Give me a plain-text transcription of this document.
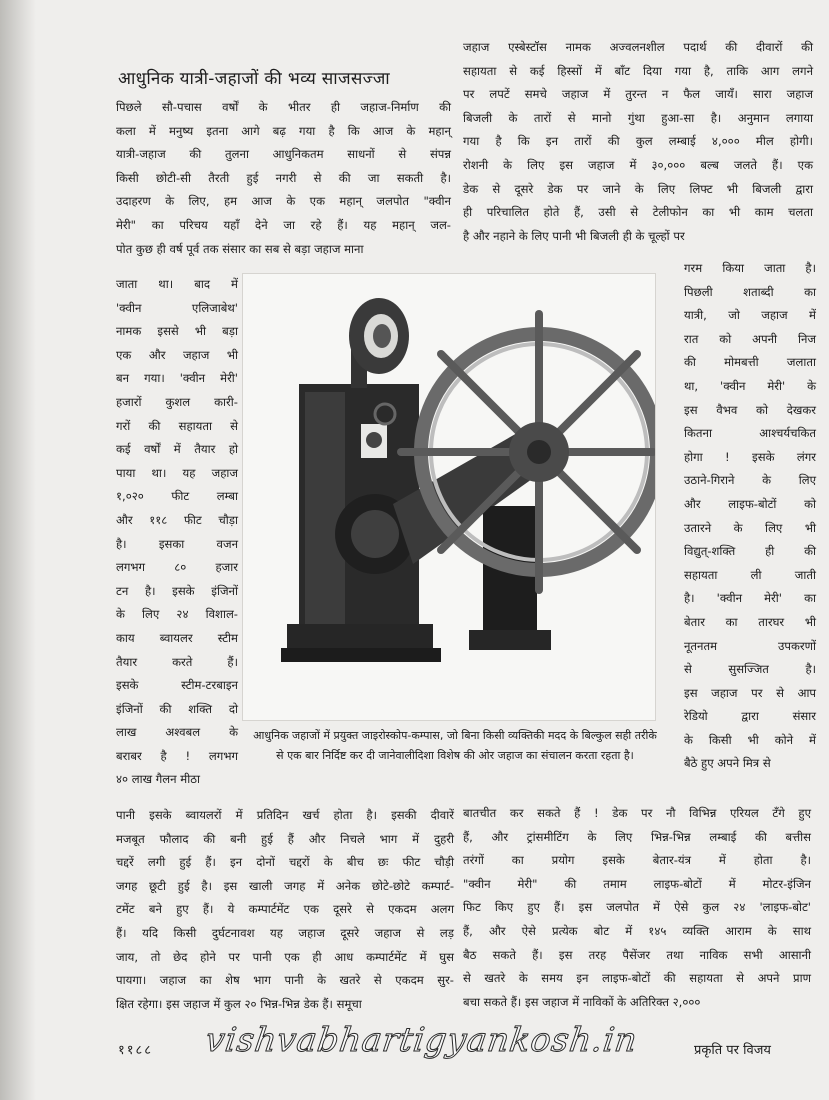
आधुनिक यात्री-जहाजों की भव्य साजसज्जा
पिछले सौ-पचास वर्षों के भीतर ही जहाज-निर्माण की
कला में मनुष्य इतना आगे बढ़ गया है कि आज के महान्
यात्री-जहाज की तुलना आधुनिकतम साधनों से संपन्न
किसी छोटी-सी तैरती हुई नगरी से की जा सकती है।
उदाहरण के लिए, हम आज के एक महान् जलपोत "क्वीन
मेरी" का परिचय यहाँ देने जा रहे हैं। यह महान् जल-
पोत कुछ ही वर्ष पूर्व तक संसार का सब से बड़ा जहाज माना
जाता था। बाद में
'क्वीन एलिजाबेथ'
नामक इससे भी बड़ा
एक और जहाज भी
बन गया। 'क्वीन मेरी'
हजारों कुशल कारी-
गरों की सहायता से
कई वर्षों में तैयार हो
पाया था। यह जहाज
१,०२० फीट लम्बा
और ११८ फीट चौड़ा
है। इसका वजन
लगभग ८० हजार
टन है। इसके इंजिनों
के लिए २४ विशाल-
काय ब्वायलर स्टीम
तैयार करते हैं।
इसके स्टीम-टरबाइन
इंजिनों की शक्ति दो
लाख अश्वबल के
बराबर है ! लगभग
४० लाख गैलन मीठा
पानी इसके ब्वायलरों में प्रतिदिन खर्च होता है। इसकी दीवारें
मजबूत फौलाद की बनी हुई हैं और निचले भाग में दुहरी
चद्दरें लगी हुई हैं। इन दोनों चद्दरों के बीच छः फीट चौड़ी
जगह छूटी हुई है। इस खाली जगह में अनेक छोटे-छोटे कम्पार्ट-
टमेंट बने हुए हैं। ये कम्पार्टमेंट एक दूसरे से एकदम अलग
हैं। यदि किसी दुर्घटनावश यह जहाज दूसरे जहाज से लड़
जाय, तो छेद होने पर पानी एक ही आध कम्पार्टमेंट में घुस
पायगा। जहाज का शेष भाग पानी के खतरे से एकदम सुर-
क्षित रहेगा। इस जहाज में कुल २० भिन्न-भिन्न डेक हैं। समूचा
जहाज एस्बेस्टॉस नामक अज्वलनशील पदार्थ की दीवारों की
सहायता से कई हिस्सों में बाँट दिया गया है, ताकि आग लगने
पर लपटें समचे जहाज में तुरन्त न फैल जायँ। सारा जहाज
बिजली के तारों से मानो गुंथा हुआ-सा है। अनुमान लगाया
गया है कि इन तारों की कुल लम्बाई ४,००० मील होगी।
रोशनी के लिए इस जहाज में ३०,००० बल्ब जलते हैं। एक
डेक से दूसरे डेक पर जाने के लिए लिफ्ट भी बिजली द्वारा
ही परिचालित होते हैं, उसी से टेलीफोन का भी काम चलता
है और नहाने के लिए पानी भी बिजली ही के चूल्हों पर
गरम किया जाता है।
पिछली शताब्दी का
यात्री, जो जहाज में
रात को अपनी निज
की मोमबत्ती जलाता
था, 'क्वीन मेरी' के
इस वैभव को देखकर
कितना आश्चर्यचकित
होगा ! इसके लंगर
उठाने-गिराने के लिए
और लाइफ-बोटों को
उतारने के लिए भी
विद्युत्-शक्ति ही की
सहायता ली जाती
है। 'क्वीन मेरी' का
बेतार का तारघर भी
नूतनतम उपकरणों
से सुसज्जित है।
इस जहाज पर से आप
रेडियो द्वारा संसार
के किसी भी कोने में
बैठे हुए अपने मित्र से
बातचीत कर सकते हैं ! डेक पर नौ विभिन्न एरियल टँगे हुए
हैं, और ट्रांसमीटिंग के लिए भिन्न-भिन्न लम्बाई की बत्तीस
तरंगों का प्रयोग इसके बेतार-यंत्र में होता है।
"क्वीन मेरी" की तमाम लाइफ-बोटों में मोटर-इंजिन
फिट किए हुए हैं। इस जलपोत में ऐसे कुल २४ 'लाइफ-बोट'
हैं, और ऐसे प्रत्येक बोट में १४५ व्यक्ति आराम के साथ
बैठ सकते हैं। इस तरह पैसेंजर तथा नाविक सभी आसानी
से खतरे के समय इन लाइफ-बोटों की सहायता से अपने प्राण
बचा सकते हैं। इस जहाज में नाविकों के अतिरिक्त २,०००
आधुनिक जहाजों में प्रयुक्त जाइरोस्कोप-कम्पास, जो बिना किसी व्यक्तिकी मदद के बिल्कुल सही तरीके से एक बार निर्दिष्ट कर दी जानेवालीदिशा विशेष की ओर जहाज का संचालन करता रहता है।
११८८	प्रकृति पर विजय
vishvabhartigyankosh.in
